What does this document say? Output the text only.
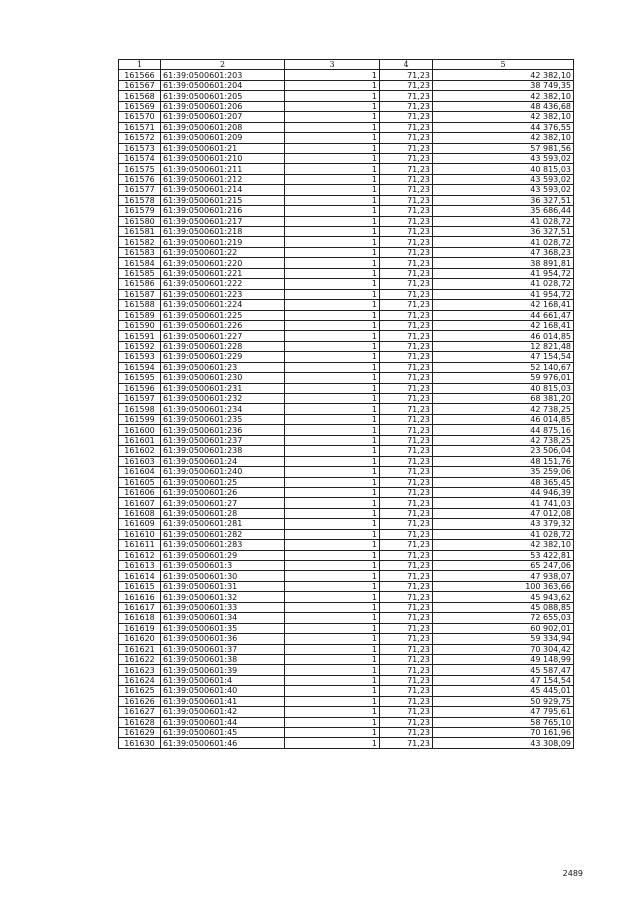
1	2	3	4	5
161566	61:39:0500601:203	1	71,23	42 382,10
161567	61:39:0500601:204	1	71,23	38 749,35
161568	61:39:0500601:205	1	71,23	42 382,10
161569	61:39:0500601:206	1	71,23	48 436,68
161570	61:39:0500601:207	1	71,23	42 382,10
161571	61:39:0500601:208	1	71,23	44 376,55
161572	61:39:0500601:209	1	71,23	42 382,10
161573	61:39:0500601:21	1	71,23	57 981,56
161574	61:39:0500601:210	1	71,23	43 593,02
161575	61:39:0500601:211	1	71,23	40 815,03
161576	61:39:0500601:212	1	71,23	43 593,02
161577	61:39:0500601:214	1	71,23	43 593,02
161578	61:39:0500601:215	1	71,23	36 327,51
161579	61:39:0500601:216	1	71,23	35 686,44
161580	61:39:0500601:217	1	71,23	41 028,72
161581	61:39:0500601:218	1	71,23	36 327,51
161582	61:39:0500601:219	1	71,23	41 028,72
161583	61:39:0500601:22	1	71,23	47 368,23
161584	61:39:0500601:220	1	71,23	38 891,81
161585	61:39:0500601:221	1	71,23	41 954,72
161586	61:39:0500601:222	1	71,23	41 028,72
161587	61:39:0500601:223	1	71,23	41 954,72
161588	61:39:0500601:224	1	71,23	42 168,41
161589	61:39:0500601:225	1	71,23	44 661,47
161590	61:39:0500601:226	1	71,23	42 168,41
161591	61:39:0500601:227	1	71,23	46 014,85
161592	61:39:0500601:228	1	71,23	12 821,48
161593	61:39:0500601:229	1	71,23	47 154,54
161594	61:39:0500601:23	1	71,23	52 140,67
161595	61:39:0500601:230	1	71,23	59 976,01
161596	61:39:0500601:231	1	71,23	40 815,03
161597	61:39:0500601:232	1	71,23	68 381,20
161598	61:39:0500601:234	1	71,23	42 738,25
161599	61:39:0500601:235	1	71,23	46 014,85
161600	61:39:0500601:236	1	71,23	44 875,16
161601	61:39:0500601:237	1	71,23	42 738,25
161602	61:39:0500601:238	1	71,23	23 506,04
161603	61:39:0500601:24	1	71,23	48 151,76
161604	61:39:0500601:240	1	71,23	35 259,06
161605	61:39:0500601:25	1	71,23	48 365,45
161606	61:39:0500601:26	1	71,23	44 946,39
161607	61:39:0500601:27	1	71,23	41 741,03
161608	61:39:0500601:28	1	71,23	47 012,08
161609	61:39:0500601:281	1	71,23	43 379,32
161610	61:39:0500601:282	1	71,23	41 028,72
161611	61:39:0500601:283	1	71,23	42 382,10
161612	61:39:0500601:29	1	71,23	53 422,81
161613	61:39:0500601:3	1	71,23	65 247,06
161614	61:39:0500601:30	1	71,23	47 938,07
161615	61:39:0500601:31	1	71,23	100 363,66
161616	61:39:0500601:32	1	71,23	45 943,62
161617	61:39:0500601:33	1	71,23	45 088,85
161618	61:39:0500601:34	1	71,23	72 655,03
161619	61:39:0500601:35	1	71,23	60 902,01
161620	61:39:0500601:36	1	71,23	59 334,94
161621	61:39:0500601:37	1	71,23	70 304,42
161622	61:39:0500601:38	1	71,23	49 148,99
161623	61:39:0500601:39	1	71,23	45 587,47
161624	61:39:0500601:4	1	71,23	47 154,54
161625	61:39:0500601:40	1	71,23	45 445,01
161626	61:39:0500601:41	1	71,23	50 929,75
161627	61:39:0500601:42	1	71,23	47 795,61
161628	61:39:0500601:44	1	71,23	58 765,10
161629	61:39:0500601:45	1	71,23	70 161,96
161630	61:39:0500601:46	1	71,23	43 308,09
2489
